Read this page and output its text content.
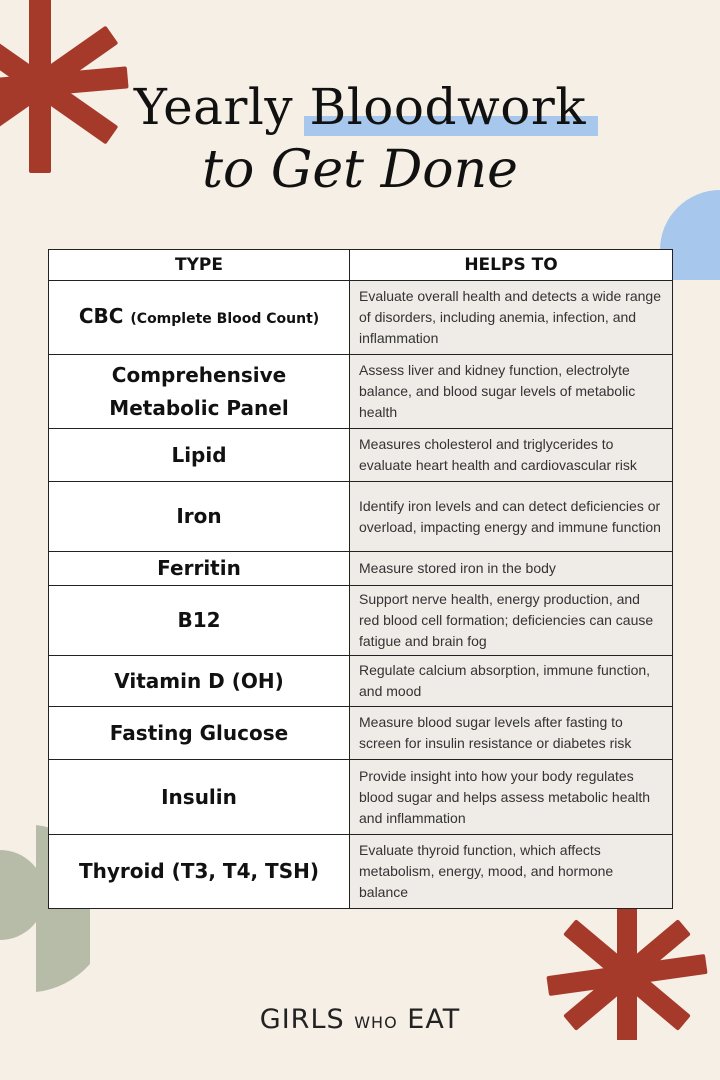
Yearly Bloodwork
to Get Done
TYPE	HELPS TO
CBC (Complete Blood Count)	Evaluate overall health and detects a wide range of disorders, including anemia, infection, and inflammation
Comprehensive Metabolic Panel	Assess liver and kidney function, electrolyte balance, and blood sugar levels of metabolic health
Lipid	Measures cholesterol and triglycerides to evaluate heart health and cardiovascular risk
Iron	Identify iron levels and can detect deficiencies or overload, impacting energy and immune function
Ferritin	Measure stored iron in the body
B12	Support nerve health, energy production, and red blood cell formation; deficiencies can cause fatigue and brain fog
Vitamin D (OH)	Regulate calcium absorption, immune function, and mood
Fasting Glucose	Measure blood sugar levels after fasting to screen for insulin resistance or diabetes risk
Insulin	Provide insight into how your body regulates blood sugar and helps assess metabolic health and inflammation
Thyroid (T3, T4, TSH)	Evaluate thyroid function, which affects metabolism, energy, mood, and hormone balance
GIRLS WHO EAT
